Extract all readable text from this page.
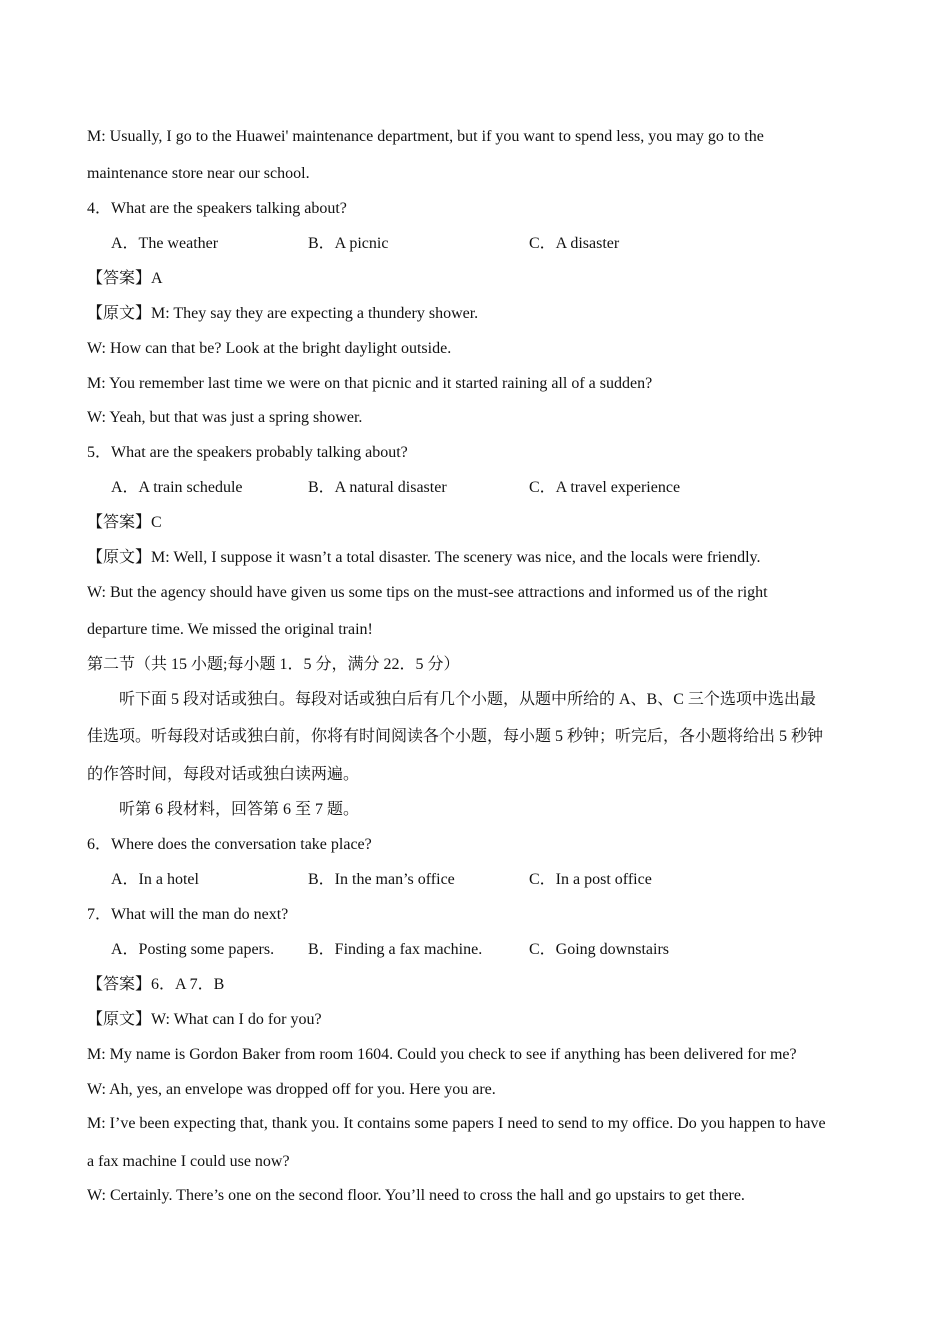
M: Usually, I go to the Huawei' maintenance department, but if you want to spend less, you may go to the
maintenance store near our school.
4．What are the speakers talking about?
A．The weather	B．A picnic	C．A disaster
【答案】A
【原文】M: They say they are expecting a thundery shower.
W: How can that be? Look at the bright daylight outside.
M: You remember last time we were on that picnic and it started raining all of a sudden?
W: Yeah, but that was just a spring shower.
5．What are the speakers probably talking about?
A．A train schedule	B．A natural disaster	C．A travel experience
【答案】C
【原文】M: Well, I suppose it wasn’t a total disaster. The scenery was nice, and the locals were friendly.
W: But the agency should have given us some tips on the must-see attractions and informed us of the right
departure time. We missed the original train!
第二节（共 15 小题;每小题 1．5 分，满分 22．5 分）
听下面 5 段对话或独白。每段对话或独白后有几个小题，从题中所给的 A、B、C 三个选项中选出最
佳选项。听每段对话或独白前，你将有时间阅读各个小题，每小题 5 秒钟；听完后，各小题将给出 5 秒钟
的作答时间，每段对话或独白读两遍。
听第 6 段材料，回答第 6 至 7 题。
6．Where does the conversation take place?
A．In a hotel	B．In the man’s office	C．In a post office
7．What will the man do next?
A．Posting some papers. B．Finding a fax machine.	C．Going downstairs
【答案】6．A 7．B
【原文】W: What can I do for you?
M: My name is Gordon Baker from room 1604. Could you check to see if anything has been delivered for me?
W: Ah, yes, an envelope was dropped off for you. Here you are.
M: I’ve been expecting that, thank you. It contains some papers I need to send to my office. Do you happen to have
a fax machine I could use now?
W: Certainly. There’s one on the second floor. You’ll need to cross the hall and go upstairs to get there.
